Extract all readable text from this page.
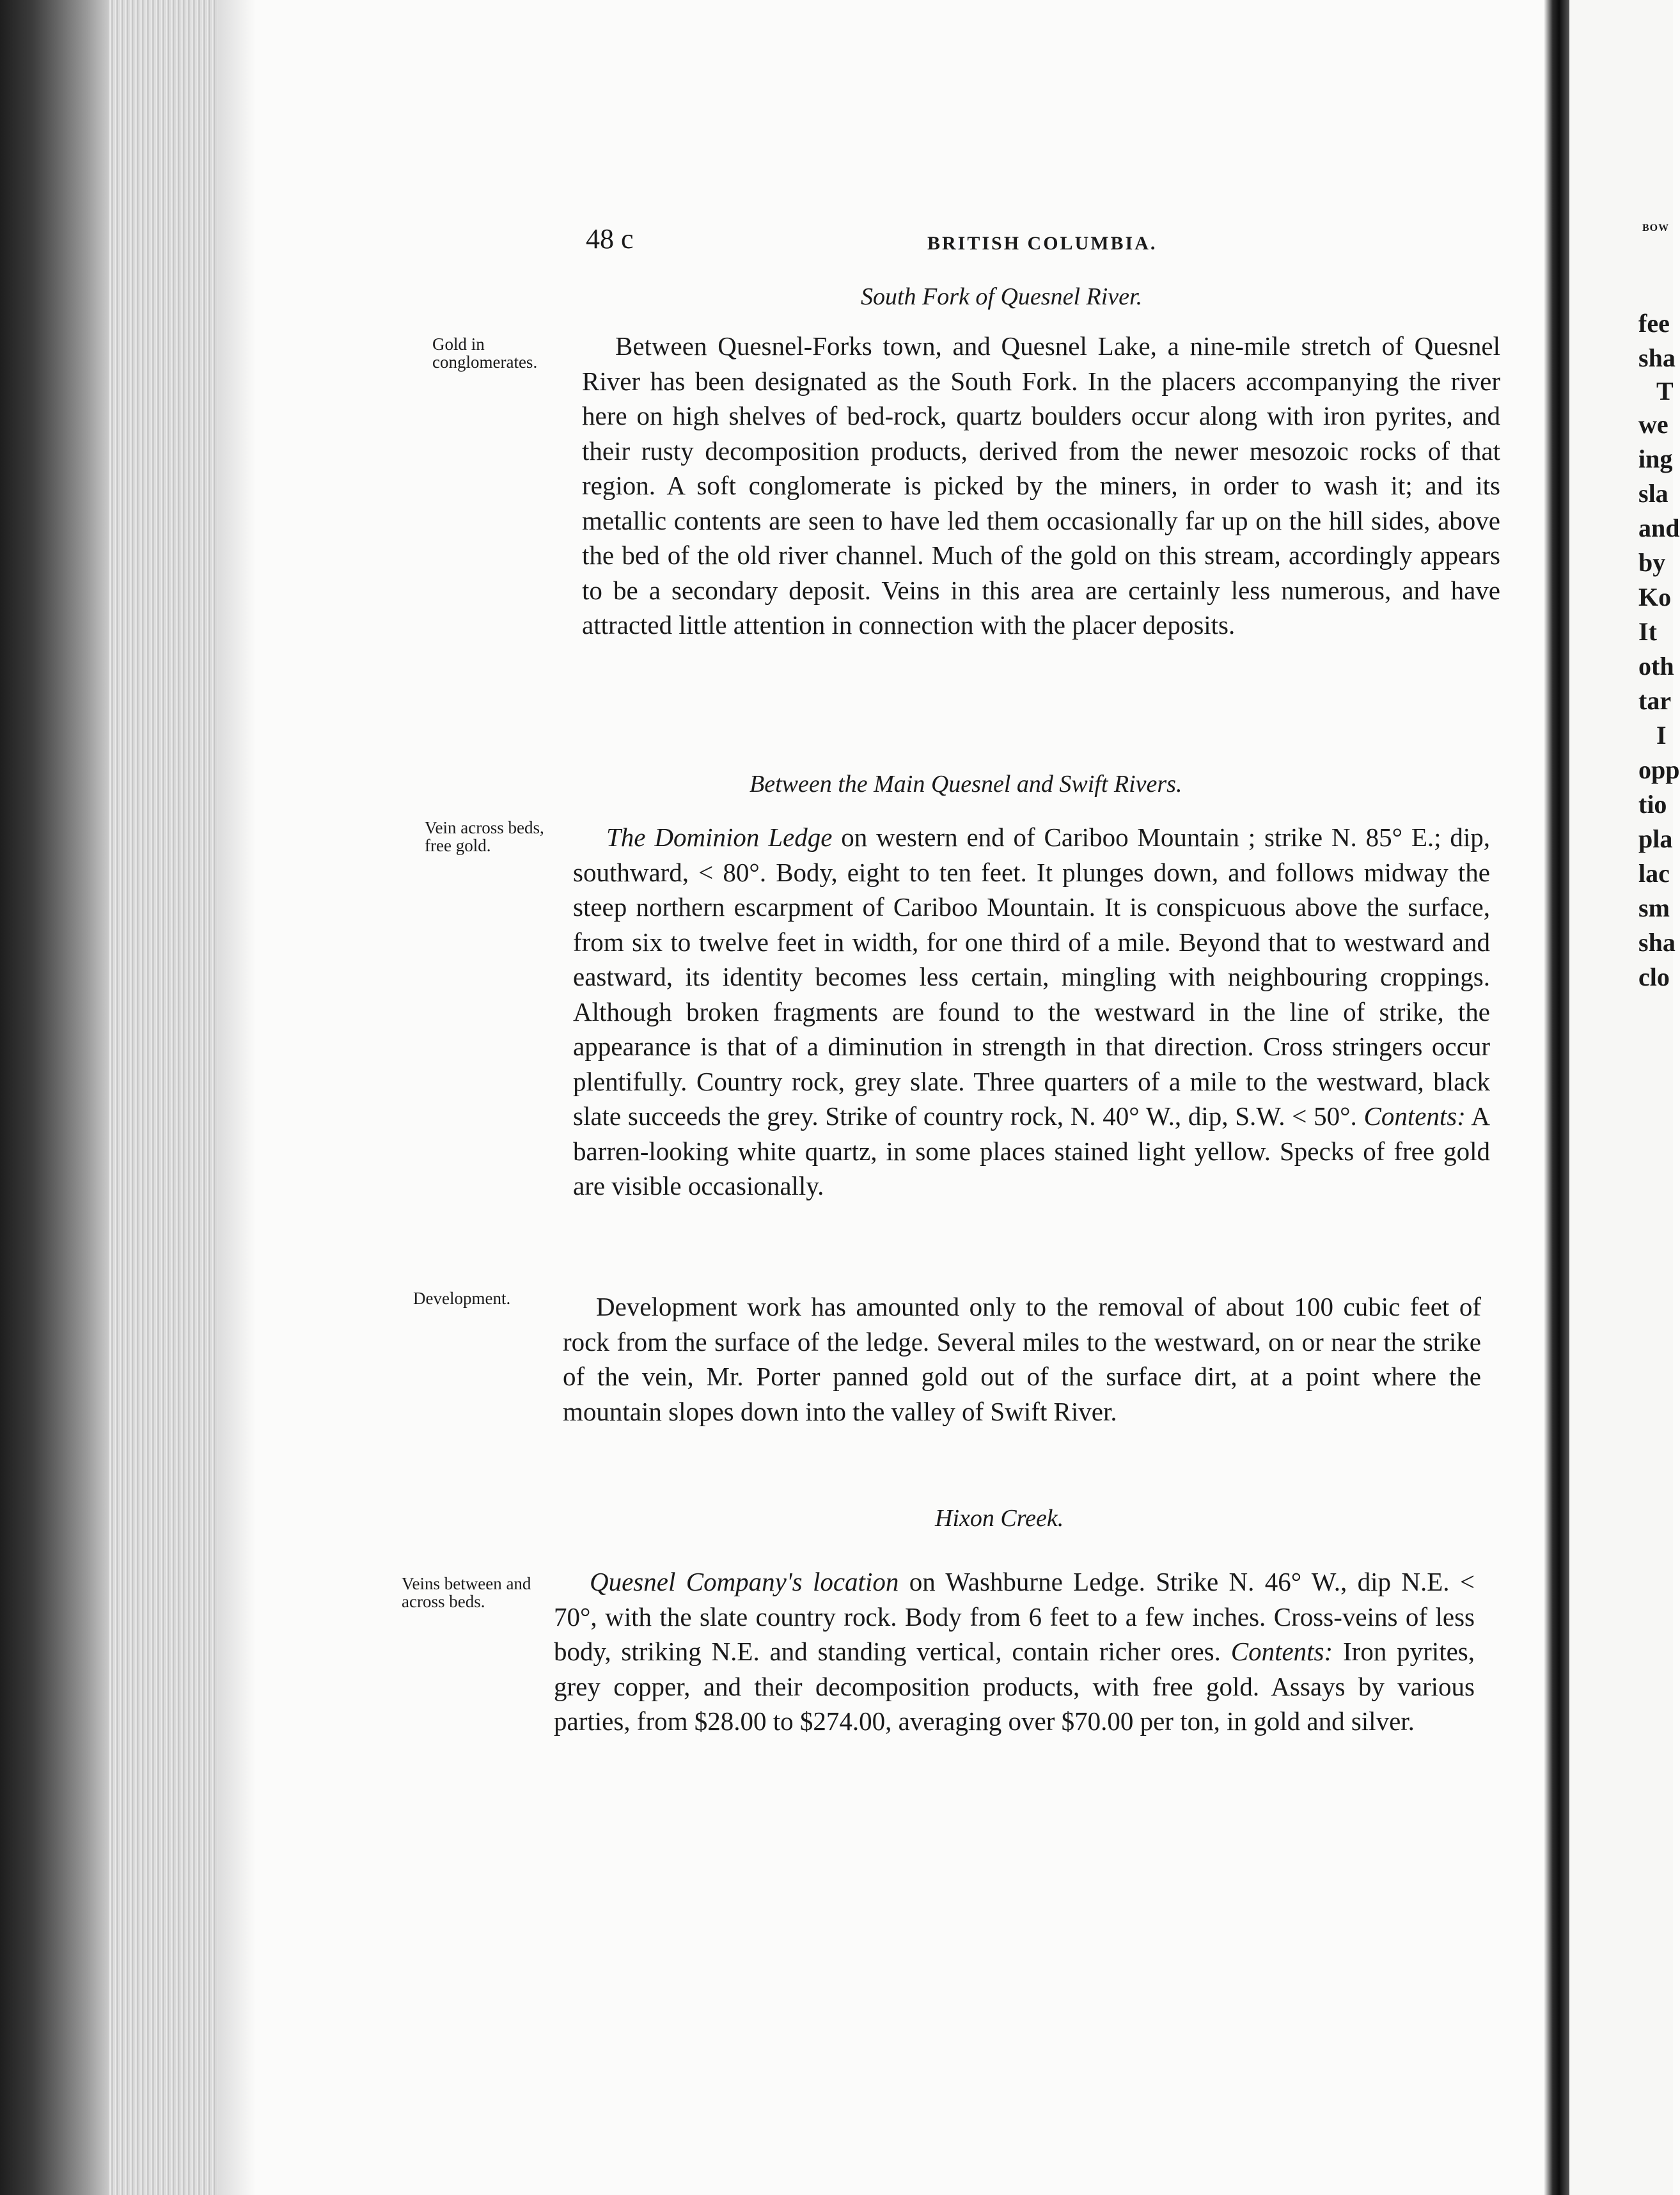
48 c	BRITISH COLUMBIA.
South Fork of Quesnel River.
Gold in conglomerates.
Between Quesnel-Forks town, and Quesnel Lake, a nine-mile stretch of Quesnel River has been designated as the South Fork. In the placers accompanying the river here on high shelves of bed-rock, quartz boulders occur along with iron pyrites, and their rusty decomposition products, derived from the newer mesozoic rocks of that region. A soft conglomerate is picked by the miners, in order to wash it; and its metallic contents are seen to have led them occasionally far up on the hill sides, above the bed of the old river channel. Much of the gold on this stream, accordingly appears to be a secondary deposit. Veins in this area are certainly less numerous, and have attracted little attention in connection with the placer deposits.
Between the Main Quesnel and Swift Rivers.
Vein across beds, free gold.	The Dominion Ledge on western end of Cariboo Mountain ; strike N. 85° E.; dip, southward, < 80°. Body, eight to ten feet. It plunges down, and follows midway the steep northern escarpment of Cariboo Mountain. It is conspicuous above the surface, from six to twelve feet in width, for one third of a mile. Beyond that to westward and eastward, its identity becomes less certain, mingling with neighbouring croppings. Although broken fragments are found to the westward in the line of strike, the appearance is that of a diminution in strength in that direction. Cross stringers occur plentifully. Country rock, grey slate. Three quarters of a mile to the westward, black slate succeeds the grey. Strike of country rock, N. 40° W., dip, S.W. < 50°. Contents: A barren-looking white quartz, in some places stained light yellow. Specks of free gold are visible occasionally.
Development.	Development work has amounted only to the removal of about 100 cubic feet of rock from the surface of the ledge. Several miles to the westward, on or near the strike of the vein, Mr. Porter panned gold out of the surface dirt, at a point where the mountain slopes down into the valley of Swift River.
Hixon Creek.
Veins between and across beds.
Quesnel Company's location on Washburne Ledge. Strike N. 46° W., dip N.E. < 70°, with the slate country rock. Body from 6 feet to a few inches. Cross-veins of less body, striking N.E. and standing vertical, contain richer ores. Contents: Iron pyrites, grey copper, and their decomposition products, with free gold. Assays by various parties, from $28.00 to $274.00, averaging over $70.00 per ton, in gold and silver.
BOW
fee
sha
T
we
ing
sla
and
by
Ko
It
oth
tar
I
opp
tio
pla
lac
sm
sha
clo
